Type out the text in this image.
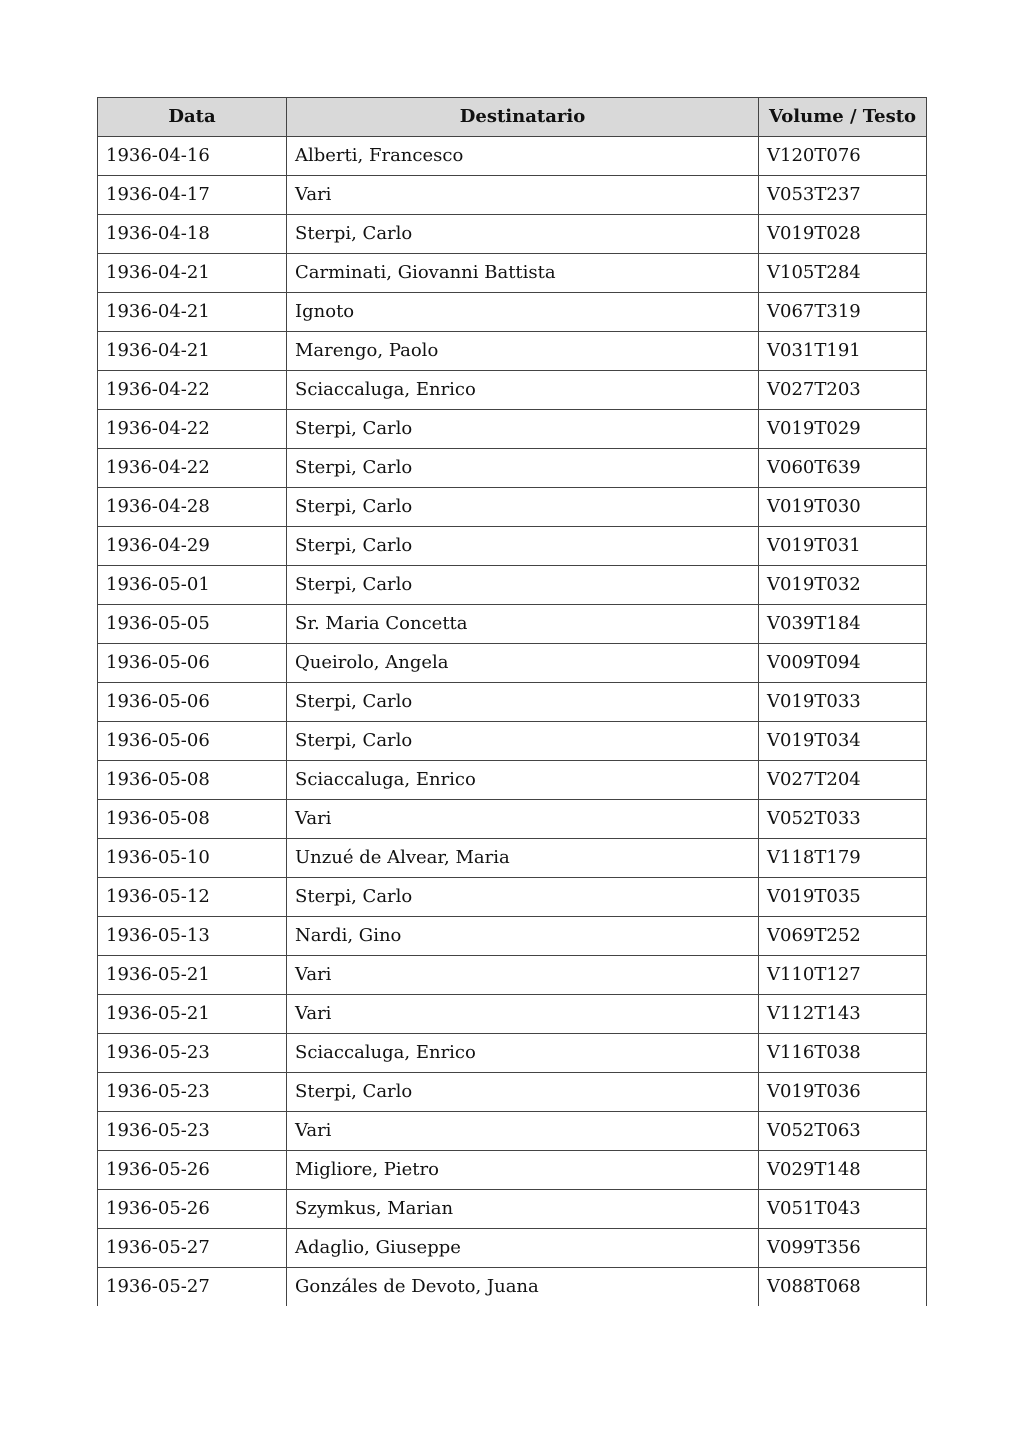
Data	Destinatario	Volume / Testo
1936-04-16	Alberti, Francesco	V120T076
1936-04-17	Vari	V053T237
1936-04-18	Sterpi, Carlo	V019T028
1936-04-21	Carminati, Giovanni Battista	V105T284
1936-04-21	Ignoto	V067T319
1936-04-21	Marengo, Paolo	V031T191
1936-04-22	Sciaccaluga, Enrico	V027T203
1936-04-22	Sterpi, Carlo	V019T029
1936-04-22	Sterpi, Carlo	V060T639
1936-04-28	Sterpi, Carlo	V019T030
1936-04-29	Sterpi, Carlo	V019T031
1936-05-01	Sterpi, Carlo	V019T032
1936-05-05	Sr. Maria Concetta	V039T184
1936-05-06	Queirolo, Angela	V009T094
1936-05-06	Sterpi, Carlo	V019T033
1936-05-06	Sterpi, Carlo	V019T034
1936-05-08	Sciaccaluga, Enrico	V027T204
1936-05-08	Vari	V052T033
1936-05-10	Unzué de Alvear, Maria	V118T179
1936-05-12	Sterpi, Carlo	V019T035
1936-05-13	Nardi, Gino	V069T252
1936-05-21	Vari	V110T127
1936-05-21	Vari	V112T143
1936-05-23	Sciaccaluga, Enrico	V116T038
1936-05-23	Sterpi, Carlo	V019T036
1936-05-23	Vari	V052T063
1936-05-26	Migliore, Pietro	V029T148
1936-05-26	Szymkus, Marian	V051T043
1936-05-27	Adaglio, Giuseppe	V099T356
1936-05-27	Gonzáles de Devoto, Juana	V088T068
